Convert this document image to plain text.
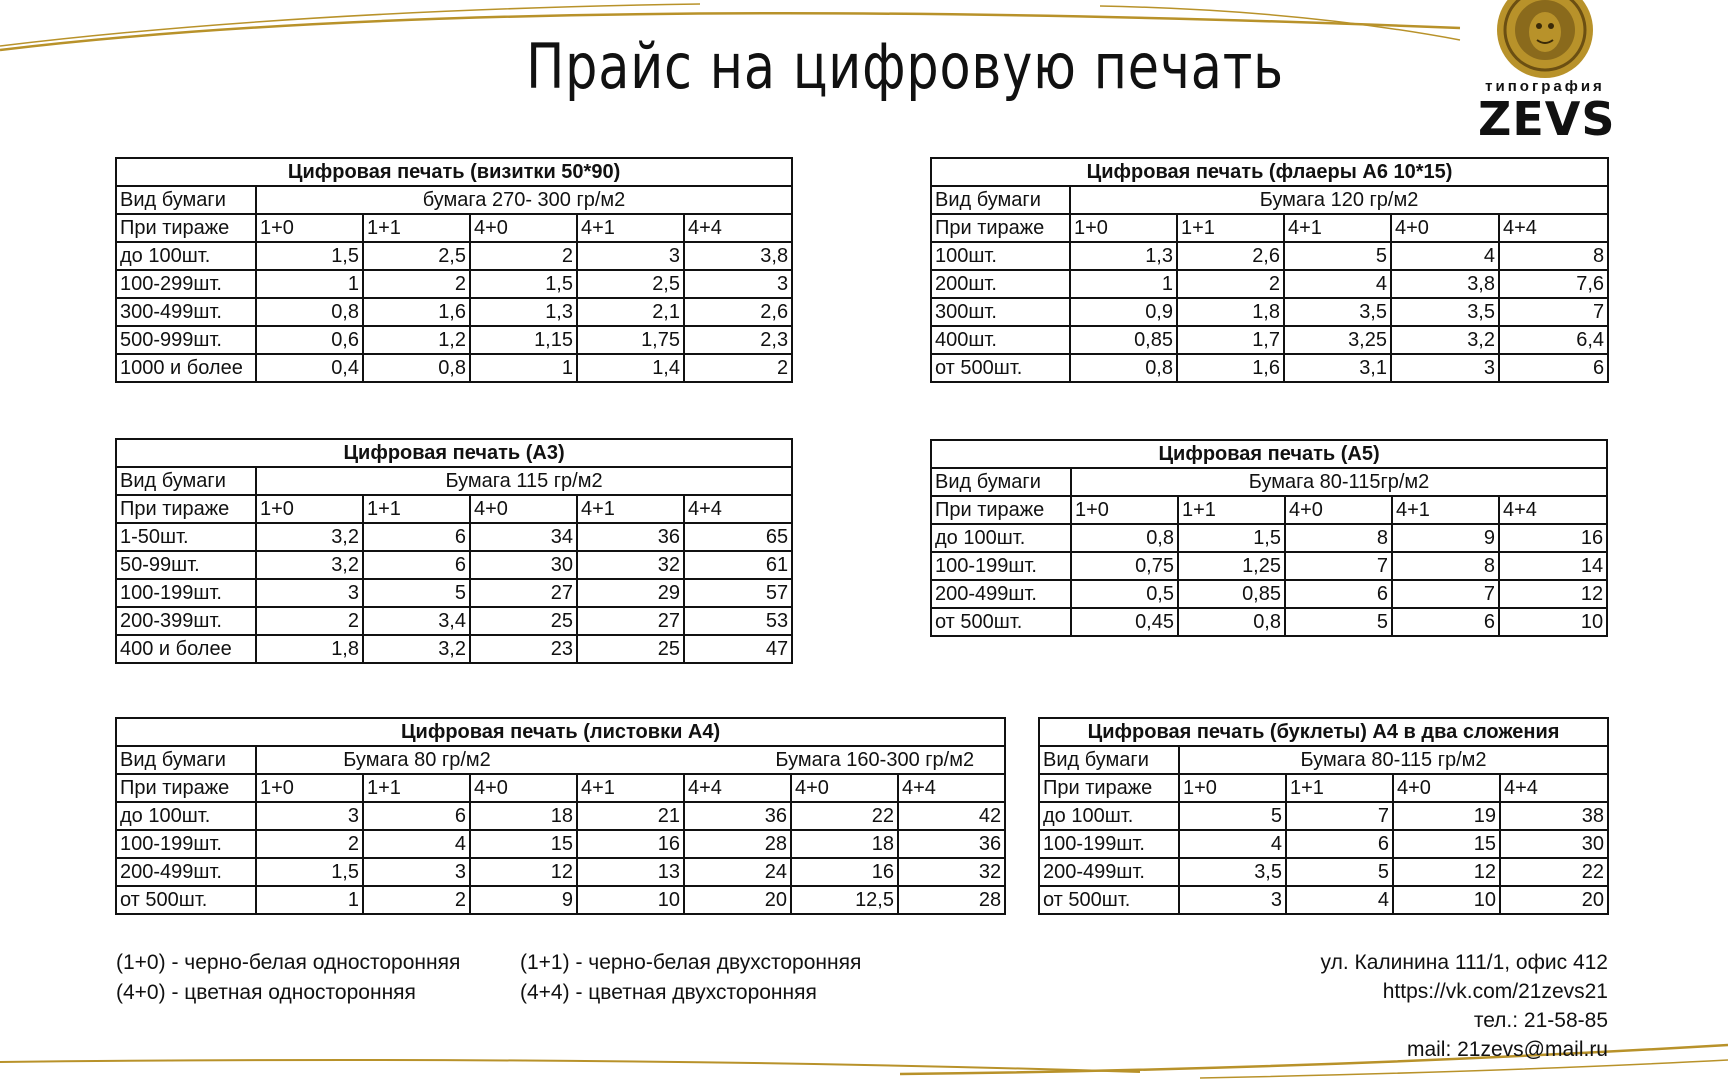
Прайс на цифровую печать	типография
ZEVS
Цифровая печать (визитки 50*90)					
Вид бумаги	бумага 270- 300 гр/м2				
При тираже	1+0	1+1	4+0	4+1	4+4
до 100шт.	1,5	2,5	2	3	3,8
100-299шт.	1	2	1,5	2,5	3
300-499шт.	0,8	1,6	1,3	2,1	2,6
500-999шт.	0,6	1,2	1,15	1,75	2,3
1000 и более	0,4	0,8	1	1,4	2
Цифровая печать (флаеры А6 10*15)					
Вид бумаги	Бумага 120 гр/м2				
При тираже	1+0	1+1	4+1	4+0	4+4
100шт.	1,3	2,6	5	4	8
200шт.	1	2	4	3,8	7,6
300шт.	0,9	1,8	3,5	3,5	7
400шт.	0,85	1,7	3,25	3,2	6,4
от 500шт.	0,8	1,6	3,1	3	6
Цифровая печать (А3)					
Вид бумаги	Бумага 115 гр/м2				
При тираже	1+0	1+1	4+0	4+1	4+4
1-50шт.	3,2	6	34	36	65
50-99шт.	3,2	6	30	32	61
100-199шт.	3	5	27	29	57
200-399шт.	2	3,4	25	27	53
400 и более	1,8	3,2	23	25	47
Цифровая печать (А5)					
Вид бумаги	Бумага 80-115гр/м2				
При тираже	1+0	1+1	4+0	4+1	4+4
до 100шт.	0,8	1,5	8	9	16
100-199шт.	0,75	1,25	7	8	14
200-499шт.	0,5	0,85	6	7	12
от 500шт.	0,45	0,8	5	6	10
Цифровая печать (листовки А4)							
Вид бумаги	Бумага 80 гр/м2			Бумага 160-300 гр/м2			
При тираже	1+0	1+1	4+0	4+1	4+4	4+0	4+4
до 100шт.	3	6	18	21	36	22	42
100-199шт.	2	4	15	16	28	18	36
200-499шт.	1,5	3	12	13	24	16	32
от 500шт.	1	2	9	10	20	12,5	28
Цифровая печать (буклеты) А4 в два сложения				
Вид бумаги	Бумага 80-115 гр/м2			
При тираже	1+0	1+1	4+0	4+4
до 100шт.	5	7	19	38
100-199шт.	4	6	15	30
200-499шт.	3,5	5	12	22
от 500шт.	3	4	10	20
(1+0) - черно-белая односторонняя	(1+1) - черно-белая двухсторонняя
(4+0) - цветная односторонняя	(4+4) - цветная двухсторонняя
ул. Калинина 111/1, офис 412
https://vk.com/21zevs21
тел.: 21-58-85
mail: 21zevs@mail.ru
